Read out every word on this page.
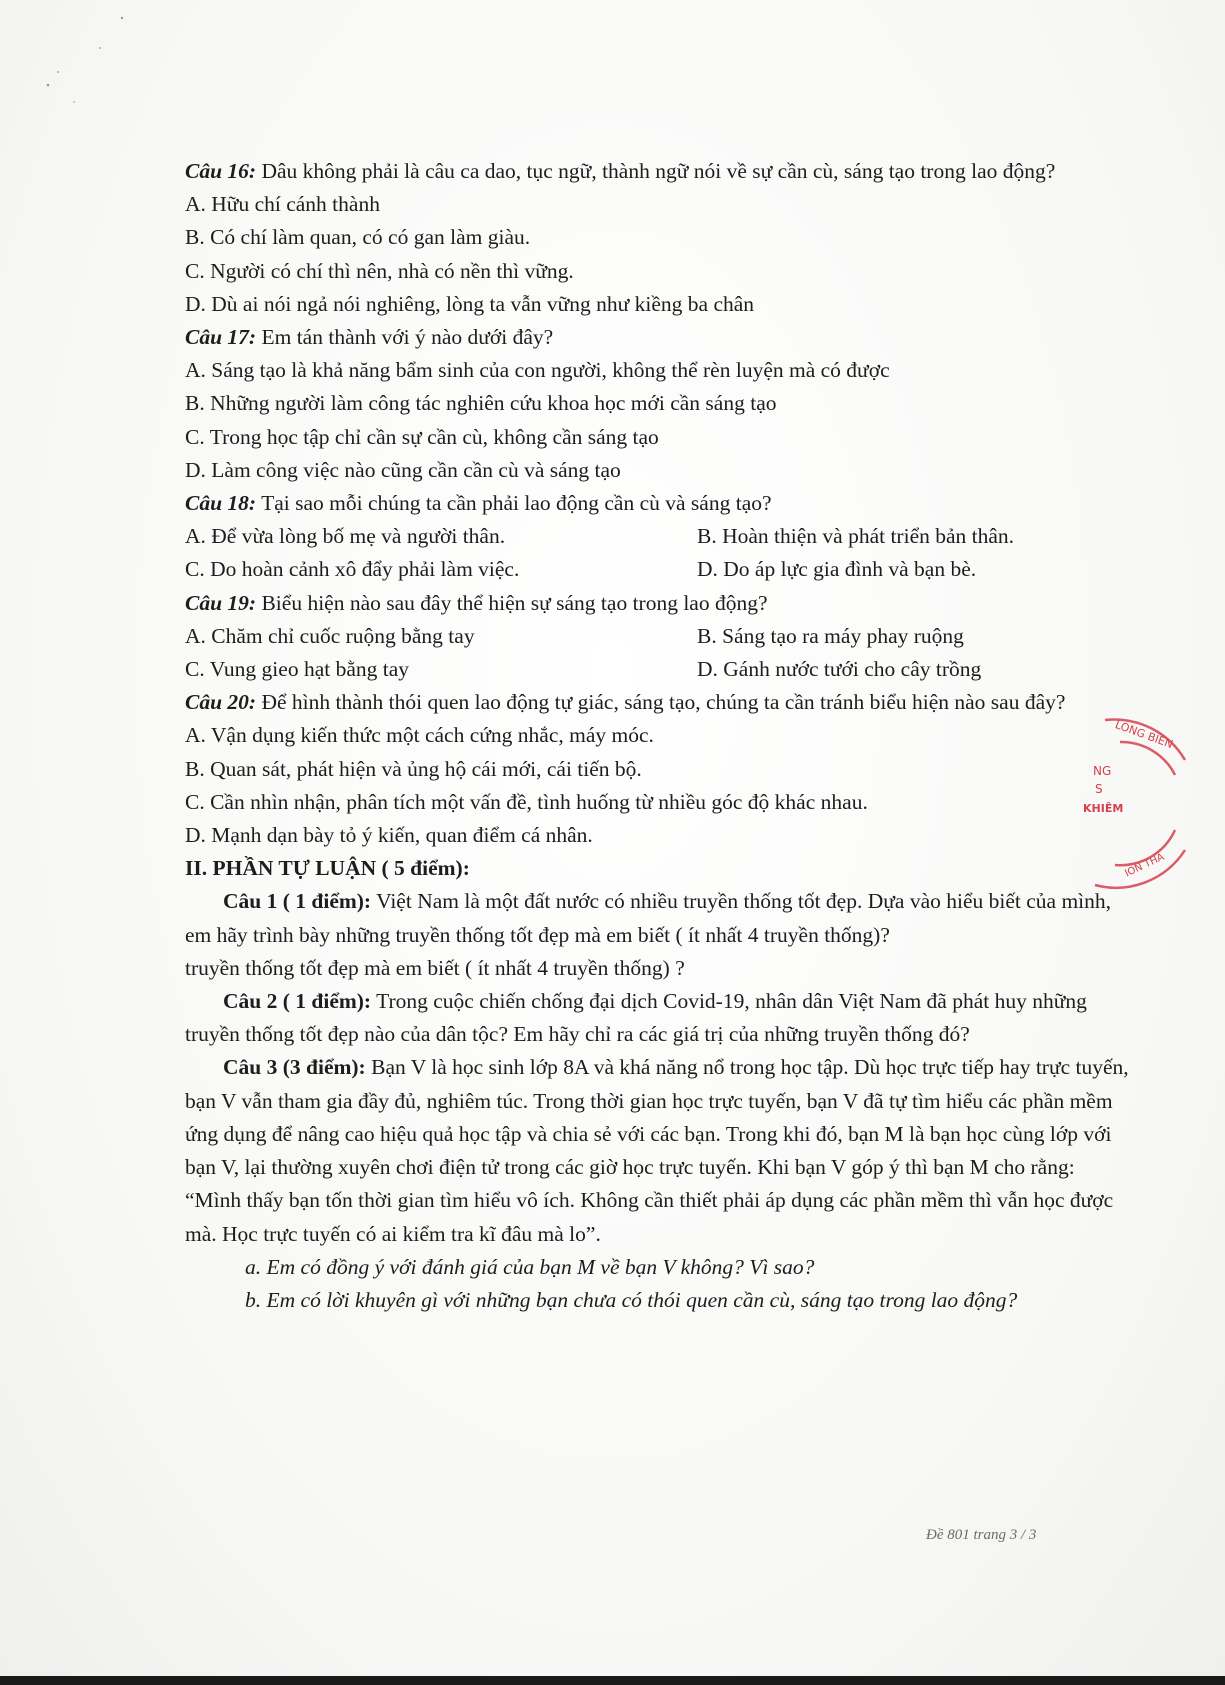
Câu 16: Dâu không phải là câu ca dao, tục ngữ, thành ngữ nói về sự cần cù, sáng tạo trong lao động?
A. Hữu chí cánh thành
B. Có chí làm quan, có có gan làm giàu.
C. Người có chí thì nên, nhà có nền thì vững.
D. Dù ai nói ngả nói nghiêng, lòng ta vẫn vững như kiềng ba chân
Câu 17: Em tán thành với ý nào dưới đây?
A. Sáng tạo là khả năng bẩm sinh của con người, không thể rèn luyện mà có được
B. Những người làm công tác nghiên cứu khoa học mới cần sáng tạo
C. Trong học tập chỉ cần sự cần cù, không cần sáng tạo
D. Làm công việc nào cũng cần cần cù và sáng tạo
Câu 18: Tại sao mỗi chúng ta cần phải lao động cần cù và sáng tạo?
A. Để vừa lòng bố mẹ và người thân.	B. Hoàn thiện và phát triển bản thân.
C. Do hoàn cảnh xô đẩy phải làm việc.	D. Do áp lực gia đình và bạn bè.
Câu 19: Biểu hiện nào sau đây thể hiện sự sáng tạo trong lao động?
A. Chăm chỉ cuốc ruộng bằng tay	B. Sáng tạo ra máy phay ruộng
C. Vung gieo hạt bằng tay	D. Gánh nước tưới cho cây trồng
Câu 20: Để hình thành thói quen lao động tự giác, sáng tạo, chúng ta cần tránh biểu hiện nào sau đây?
A. Vận dụng kiến thức một cách cứng nhắc, máy móc.
B. Quan sát, phát hiện và ủng hộ cái mới, cái tiến bộ.
C. Cần nhìn nhận, phân tích một vấn đề, tình huống từ nhiều góc độ khác nhau.
D. Mạnh dạn bày tỏ ý kiến, quan điểm cá nhân.
II. PHẦN TỰ LUẬN ( 5 điểm):
Câu 1 ( 1 điểm): Việt Nam là một đất nước có nhiều truyền thống tốt đẹp. Dựa vào hiểu biết của mình, em hãy trình bày những truyền thống tốt đẹp mà em biết ( ít nhất 4 truyền thống)?
truyền thống tốt đẹp mà em biết ( ít nhất 4 truyền thống) ?
Câu 2 ( 1 điểm): Trong cuộc chiến chống đại dịch Covid-19, nhân dân Việt Nam đã phát huy những truyền thống tốt đẹp nào của dân tộc? Em hãy chỉ ra các giá trị của những truyền thống đó?
Câu 3 (3 điểm): Bạn V là học sinh lớp 8A và khá năng nổ trong học tập. Dù học trực tiếp hay trực tuyến, bạn V vẫn tham gia đầy đủ, nghiêm túc. Trong thời gian học trực tuyến, bạn V đã tự tìm hiểu các phần mềm ứng dụng để nâng cao hiệu quả học tập và chia sẻ với các bạn. Trong khi đó, bạn M là bạn học cùng lớp với bạn V, lại thường xuyên chơi điện tử trong các giờ học trực tuyến. Khi bạn V góp ý thì bạn M cho rằng: “Mình thấy bạn tốn thời gian tìm hiểu vô ích. Không cần thiết phải áp dụng các phần mềm thì vẫn học được mà. Học trực tuyến có ai kiểm tra kĩ đâu mà lo”.
a. Em có đồng ý với đánh giá của bạn M về bạn V không? Vì sao?
b. Em có lời khuyên gì với những bạn chưa có thói quen cần cù, sáng tạo trong lao động?
LONG BIÊN
NG
S
KHIÊM
ION THÀ
Đề 801 trang 3 / 3
